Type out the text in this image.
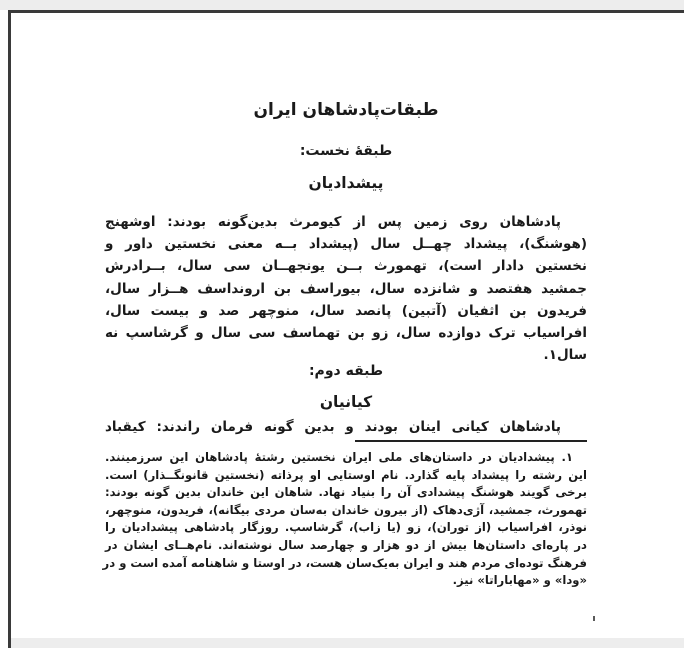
طبقات‌پادشاهان ایران
طبقهٔ نخست:
پیشدادیان
پادشاهان روی زمین پس از کیومرث بدین‌گونه بودند: اوشهنج
(هوشنگ)، پیشداد چهــل سال (پیشداد بــه معنی نخستین داور و
نخستین دادار است)، تهمورث بــن یونجهــان سی سال، بــرادرش
جمشید هفتصد و شانزده سال، بیوراسف بن ارونداسف هــزار سال،
فریدون بن اثفیان (آتبین) پانصد سال، منوچهر صد و بیست سال،
افراسیاب ترک دوازده سال، زو بن تهماسف سی سال و گرشاسپ نه
سال۱.
طبقه دوم:
کیانیان
پادشاهان کیانی اینان بودند و بدین گونه فرمان راندند: کیقباد
۱. پیشدادیان در داستان‌های ملی ایران نخستین رشتهٔ پادشاهان این سرزمینند.
این رشته را پیشداد پایه گذارد. نام اوستایی او پرذاته (نخستین قانونگــذار) است.
برخی گویند هوشنگ پیشدادی آن را بنیاد نهاد. شاهان این خاندان بدین گونه بودند:
تهمورث، جمشید، آژی‌دهاک (از بیرون خاندان به‌سان مردی بیگانه)، فریدون، منوچهر،
نوذر، افراسیاب (از توران)، زو (یا زاب)، گرشاسپ. روزگار پادشاهی پیشدادیان را
در پاره‌ای داستان‌ها بیش از دو هزار و چهارصد سال نوشته‌اند. نام‌هــای ایشان در
فرهنگ توده‌ای مردم هند و ایران به‌یک‌سان هست، در اوستا و شاهنامه آمده است و در
«ودا» و «مهاباراتا» نیز.
